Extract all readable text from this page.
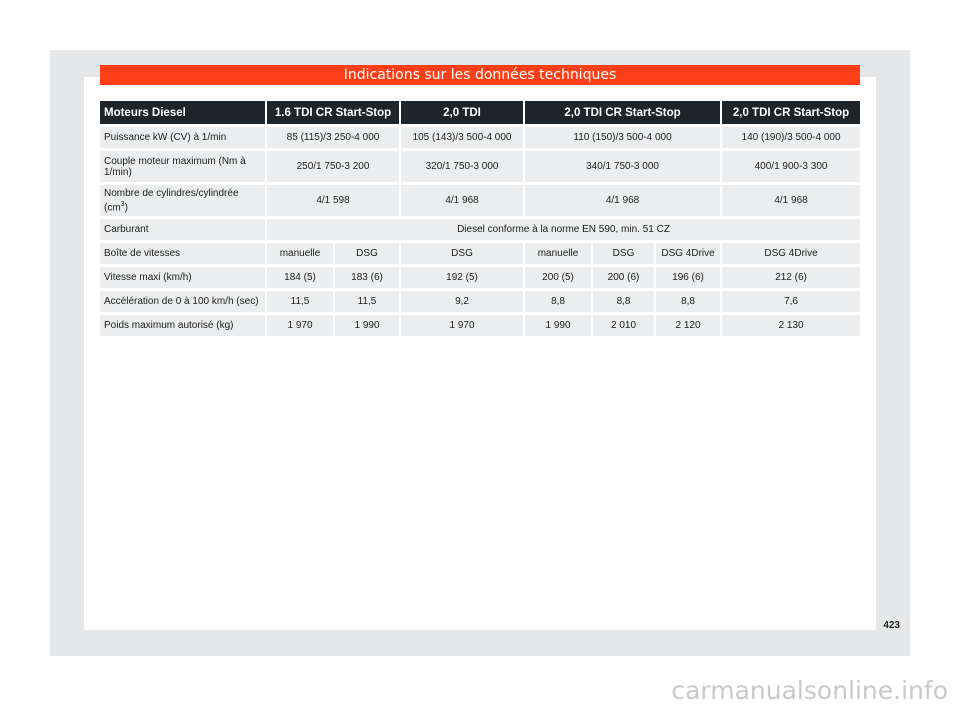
Indications sur les données techniques
Moteurs Diesel	1.6 TDI CR Start-Stop		2,0 TDI	2,0 TDI CR Start-Stop			2,0 TDI CR Start-Stop
Puissance kW (CV) à 1/min	85 (115)/3 250-4 000		105 (143)/3 500-4 000	110 (150)/3 500-4 000			140 (190)/3 500-4 000
Couple moteur maximum (Nm à 1/min)	250/1 750-3 200		320/1 750-3 000	340/1 750-3 000			400/1 900-3 300
Nombre de cylindres/cylindrée $(cm^3)$	4/1 598		4/1 968	4/1 968			4/1 968
Carburant	Diesel conforme à la norme EN 590, min. 51 CZ						
Boîte de vitesses	manuelle	DSG	DSG	manuelle	DSG	DSG 4Drive	DSG 4Drive
Vitesse maxi (km/h)	184 (5)	183 (6)	192 (5)	200 (5)	200 (6)	196 (6)	212 (6)
Accélération de 0 à 100 km/h (sec)	11,5	11,5	9,2	8,8	8,8	8,8	7,6
Poids maximum autorisé (kg)	1 970	1 990	1 970	1 990	2 010	2 120	2 130
423
carmanualsonline.info
